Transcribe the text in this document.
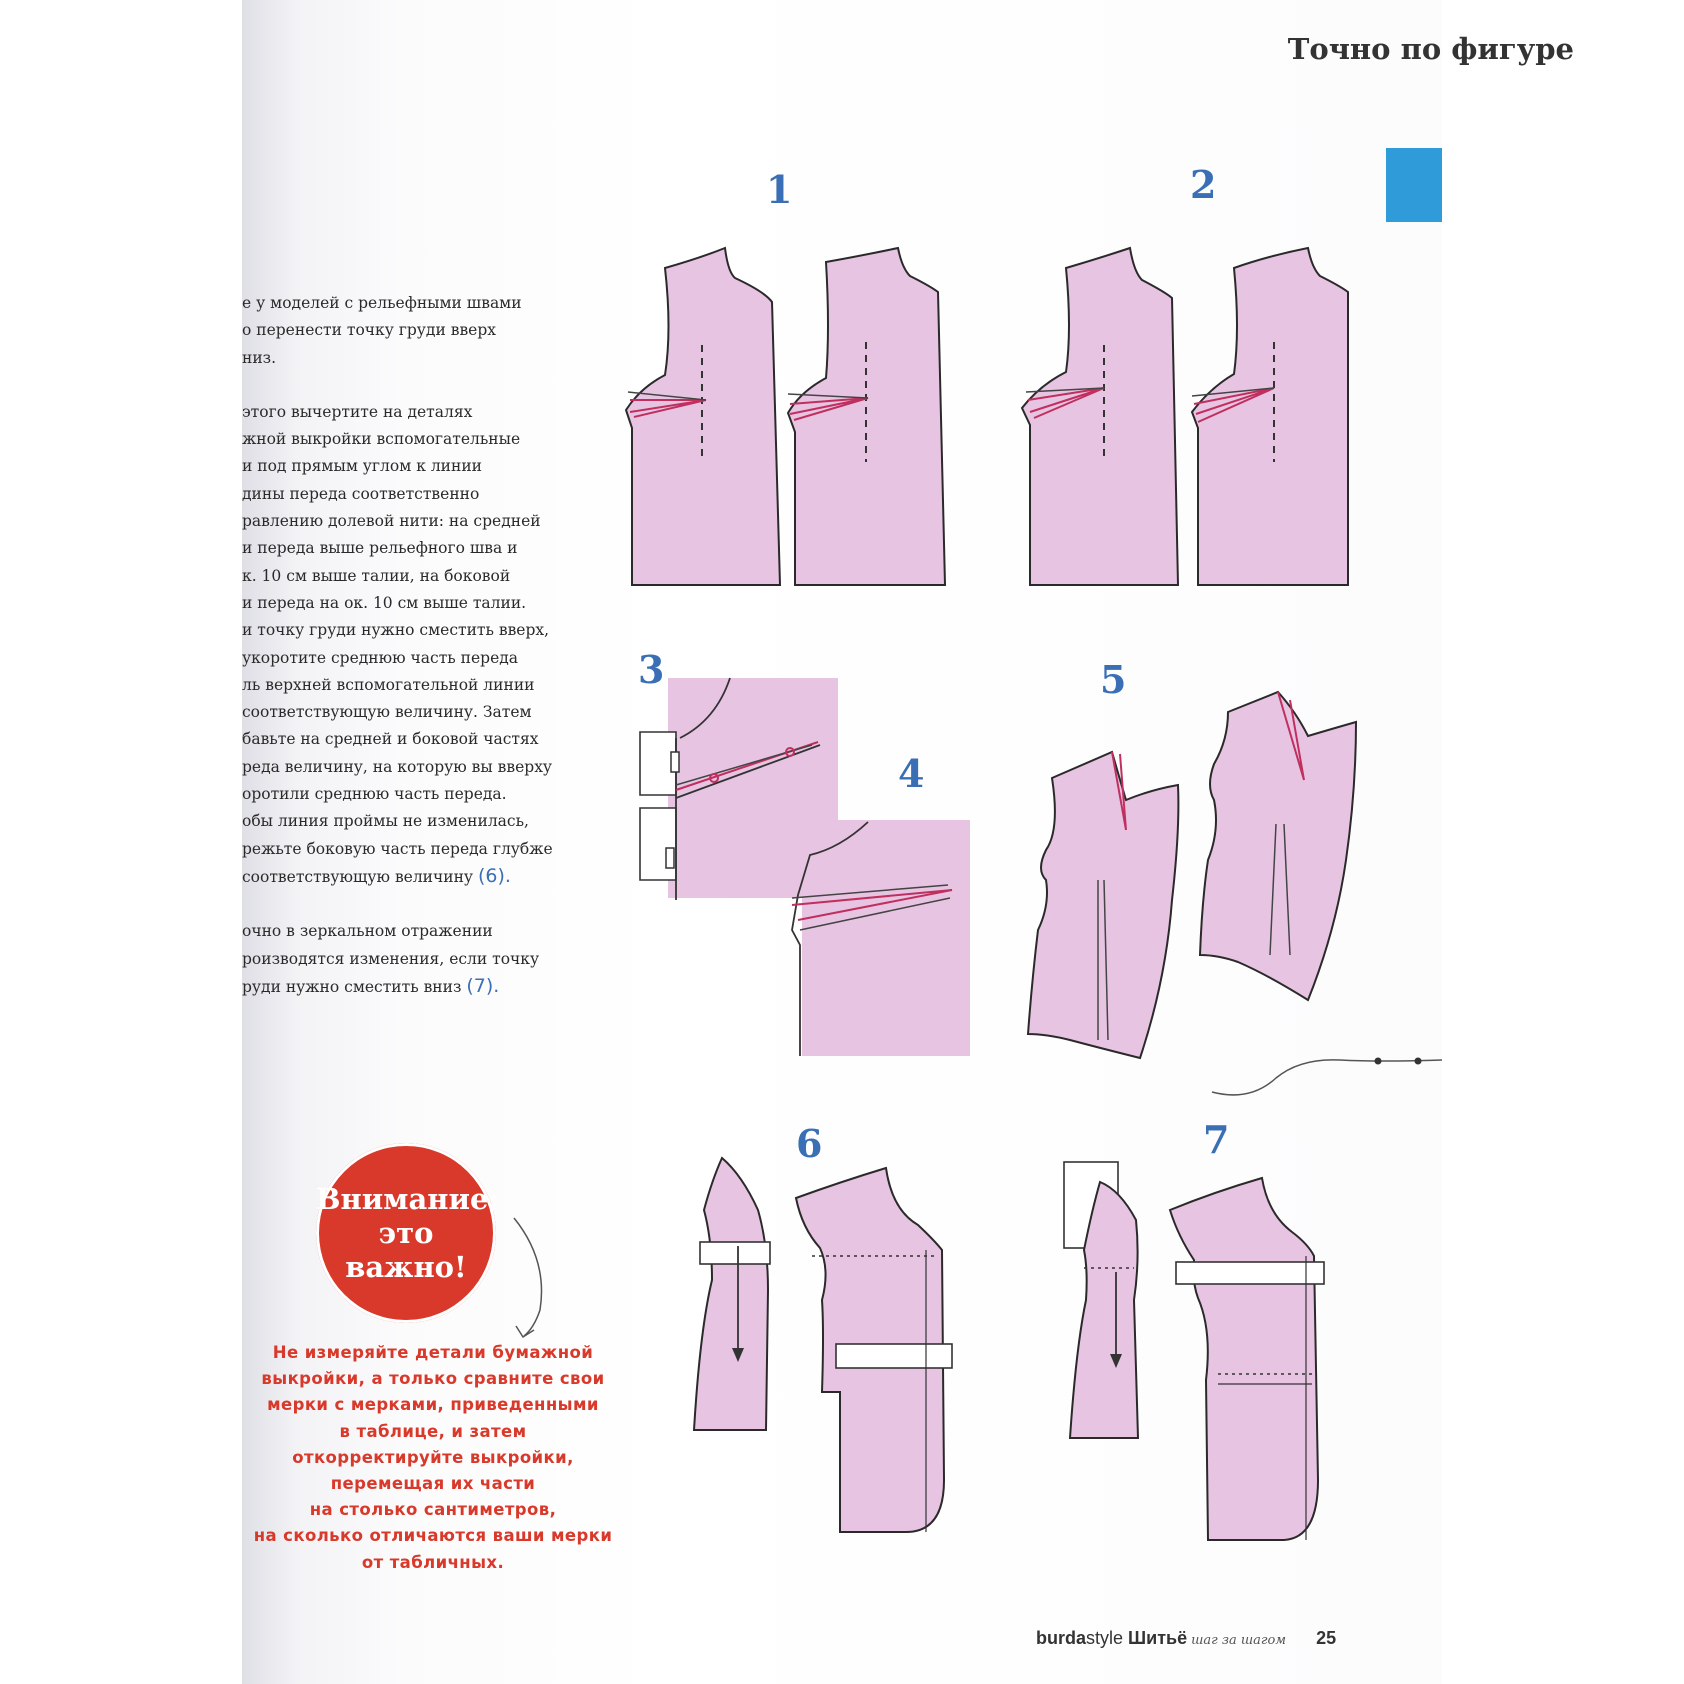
Точно по фигуре
е у моделей с рельефными швами
о перенести точку груди вверх
низ.
этого вычертите на деталях
жной выкройки вспомогательные
и под прямым углом к линии
дины переда соответственно
равлению долевой нити: на средней
и переда выше рельефного шва и
к. 10 см выше талии, на боковой
и переда на ок. 10 см выше талии.
и точку груди нужно сместить вверх,
укоротите среднюю часть переда
ль верхней вспомогательной линии
соответствующую величину. Затем
бавьте на средней и боковой частях
реда величину, на которую вы вверху
оротили среднюю часть переда.
обы линия проймы не изменилась,
режьте боковую часть переда глубже
соответствующую величину (6).
очно в зеркальном отражении
роизводятся изменения, если точку
руди нужно сместить вниз (7).
Внимание:
это важно!
Не измеряйте детали бумажной
выкройки, а только сравните свои
мерки с мерками, приведенными
в таблице, и затем
откорректируйте выкройки,
перемещая их части
на столько сантиметров,
на сколько отличаются ваши мерки
от табличных.
1	2
3
4
5
6	7
burdastyle Шитьё шаг за шагом 25
